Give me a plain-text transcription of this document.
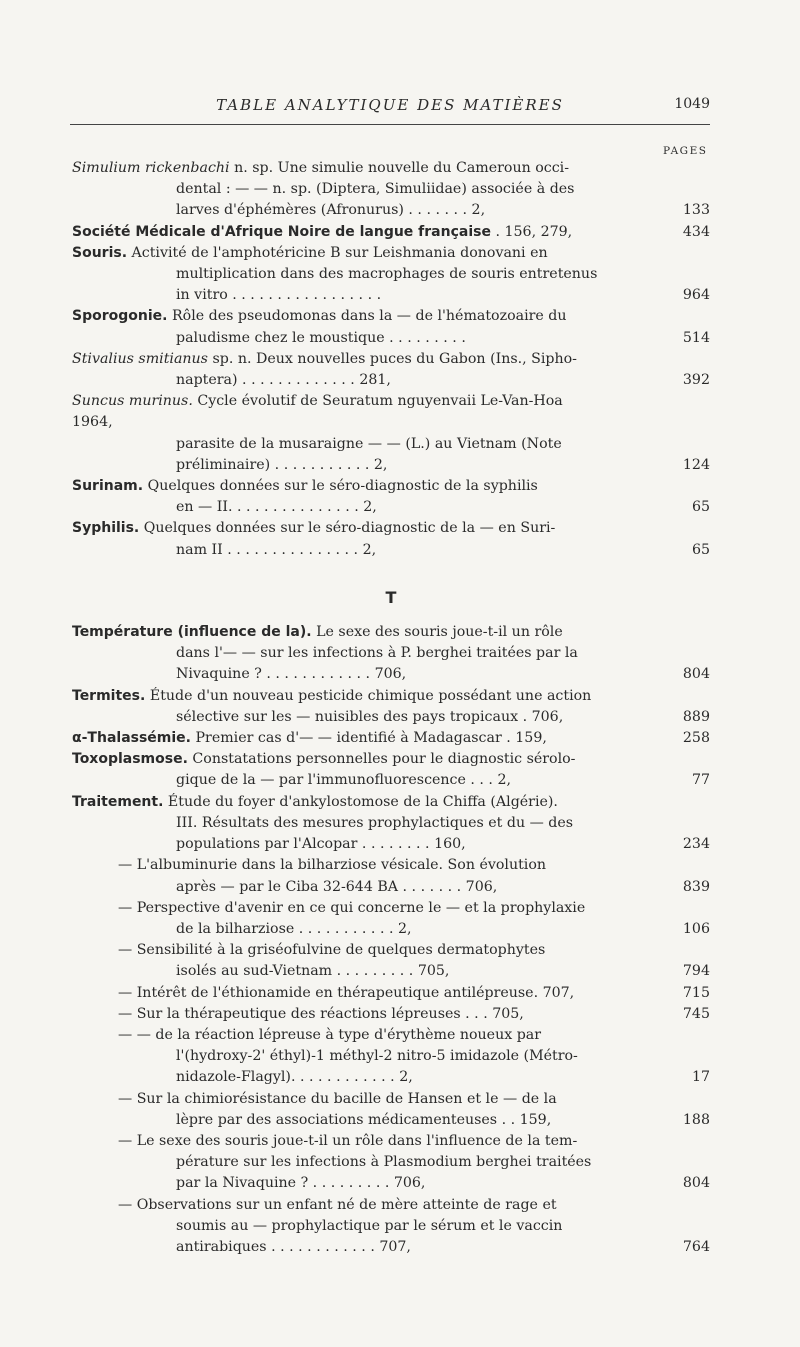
TABLE ANALYTIQUE DES MATIÈRES	1049
PAGES
Simulium rickenbachi n. sp. Une simulie nouvelle du Cameroun occi-
dental : — — n. sp. (Diptera, Simuliidae) associée à des
larves d'éphémères (Afronurus) . . . . . . . 2,	133
Société Médicale d'Afrique Noire de langue française . 156, 279,	434
Souris. Activité de l'amphotéricine B sur Leishmania donovani en
multiplication dans des macrophages de souris entretenus
in vitro . . . . . . . . . . . . . . . . .	964
Sporogonie. Rôle des pseudomonas dans la — de l'hématozoaire du
paludisme chez le moustique . . . . . . . . .	514
Stivalius smitianus sp. n. Deux nouvelles puces du Gabon (Ins., Sipho-
naptera) . . . . . . . . . . . . . 281,	392
Suncus murinus. Cycle évolutif de Seuratum nguyenvaii Le-Van-Hoa 1964,
parasite de la musaraigne — — (L.) au Vietnam (Note
préliminaire) . . . . . . . . . . . 2,	124
Surinam. Quelques données sur le séro-diagnostic de la syphilis
en — II. . . . . . . . . . . . . . . 2,	65
Syphilis. Quelques données sur le séro-diagnostic de la — en Suri-
nam II . . . . . . . . . . . . . . . 2,	65
T
Température (influence de la). Le sexe des souris joue-t-il un rôle
dans l'— — sur les infections à P. berghei traitées par la
Nivaquine ? . . . . . . . . . . . . 706,	804
Termites. Étude d'un nouveau pesticide chimique possédant une action
sélective sur les — nuisibles des pays tropicaux . 706,	889
α-Thalassémie. Premier cas d'— — identifié à Madagascar . 159,	258
Toxoplasmose. Constatations personnelles pour le diagnostic sérolo-
gique de la — par l'immunofluorescence . . . 2,	77
Traitement. Étude du foyer d'ankylostomose de la Chiffa (Algérie).
III. Résultats des mesures prophylactiques et du — des
populations par l'Alcopar . . . . . . . . 160,	234
— L'albuminurie dans la bilharziose vésicale. Son évolution
après — par le Ciba 32-644 BA . . . . . . . 706,	839
— Perspective d'avenir en ce qui concerne le — et la prophylaxie
de la bilharziose . . . . . . . . . . . 2,	106
— Sensibilité à la griséofulvine de quelques dermatophytes
isolés au sud-Vietnam . . . . . . . . . 705,	794
— Intérêt de l'éthionamide en thérapeutique antilépreuse. 707,	715
— Sur la thérapeutique des réactions lépreuses . . . 705,	745
— — de la réaction lépreuse à type d'érythème noueux par
l'(hydroxy-2' éthyl)-1 méthyl-2 nitro-5 imidazole (Métro-
nidazole-Flagyl). . . . . . . . . . . . 2,	17
— Sur la chimiorésistance du bacille de Hansen et le — de la
lèpre par des associations médicamenteuses . . 159,	188
— Le sexe des souris joue-t-il un rôle dans l'influence de la tem-
pérature sur les infections à Plasmodium berghei traitées
par la Nivaquine ? . . . . . . . . . 706,	804
— Observations sur un enfant né de mère atteinte de rage et
soumis au — prophylactique par le sérum et le vaccin
antirabiques . . . . . . . . . . . . 707,	764
